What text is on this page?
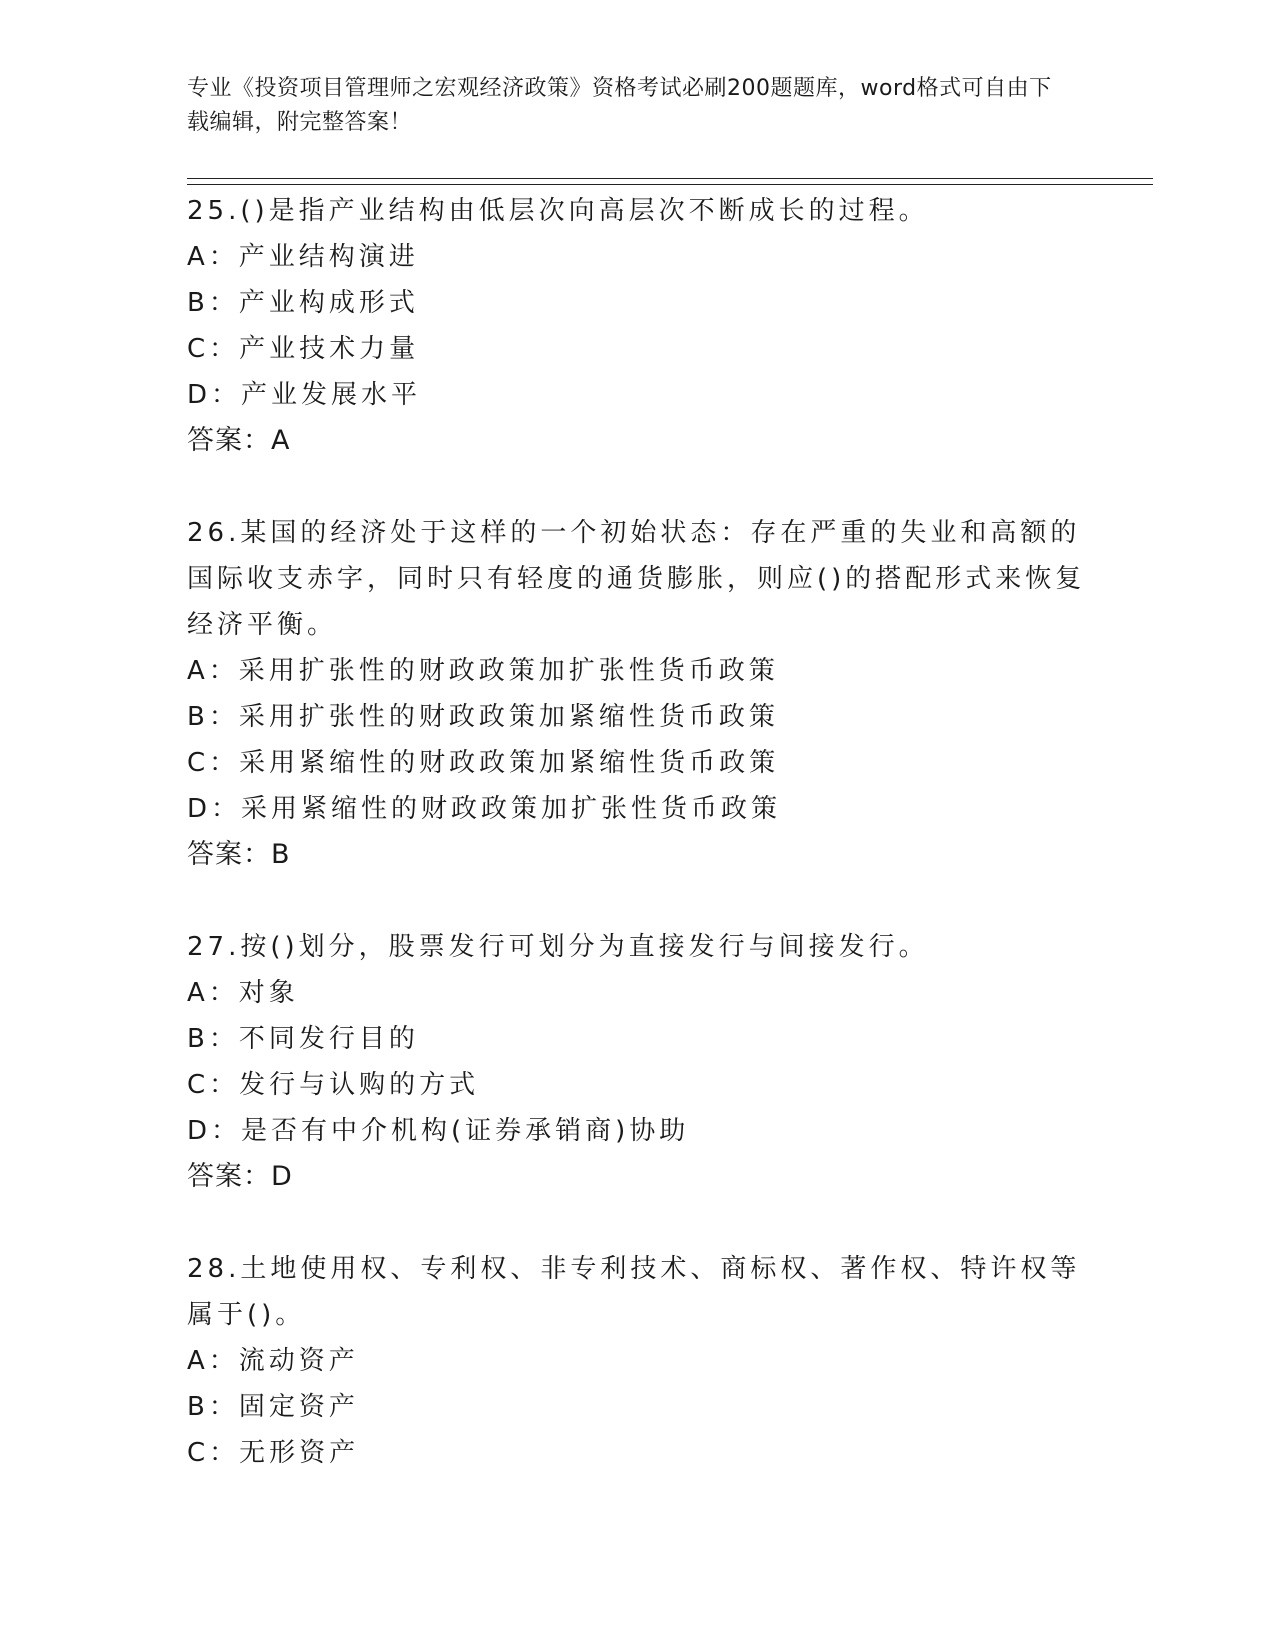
专业《投资项目管理师之宏观经济政策》资格考试必刷200题题库，word格式可自由下载编辑，附完整答案！

25.()是指产业结构由低层次向高层次不断成长的过程。

A：产业结构演进

B：产业构成形式

C：产业技术力量

D：产业发展水平

答案：A

26.某国的经济处于这样的一个初始状态：存在严重的失业和高额的国际收支赤字，同时只有轻度的通货膨胀，则应()的搭配形式来恢复经济平衡。

A：采用扩张性的财政政策加扩张性货币政策

B：采用扩张性的财政政策加紧缩性货币政策

C：采用紧缩性的财政政策加紧缩性货币政策

D：采用紧缩性的财政政策加扩张性货币政策

答案：B

27.按()划分，股票发行可划分为直接发行与间接发行。

A：对象

B：不同发行目的

C：发行与认购的方式

D：是否有中介机构(证券承销商)协助

答案：D

28.土地使用权、专利权、非专利技术、商标权、著作权、特许权等属于()。

A：流动资产

B：固定资产

C：无形资产
